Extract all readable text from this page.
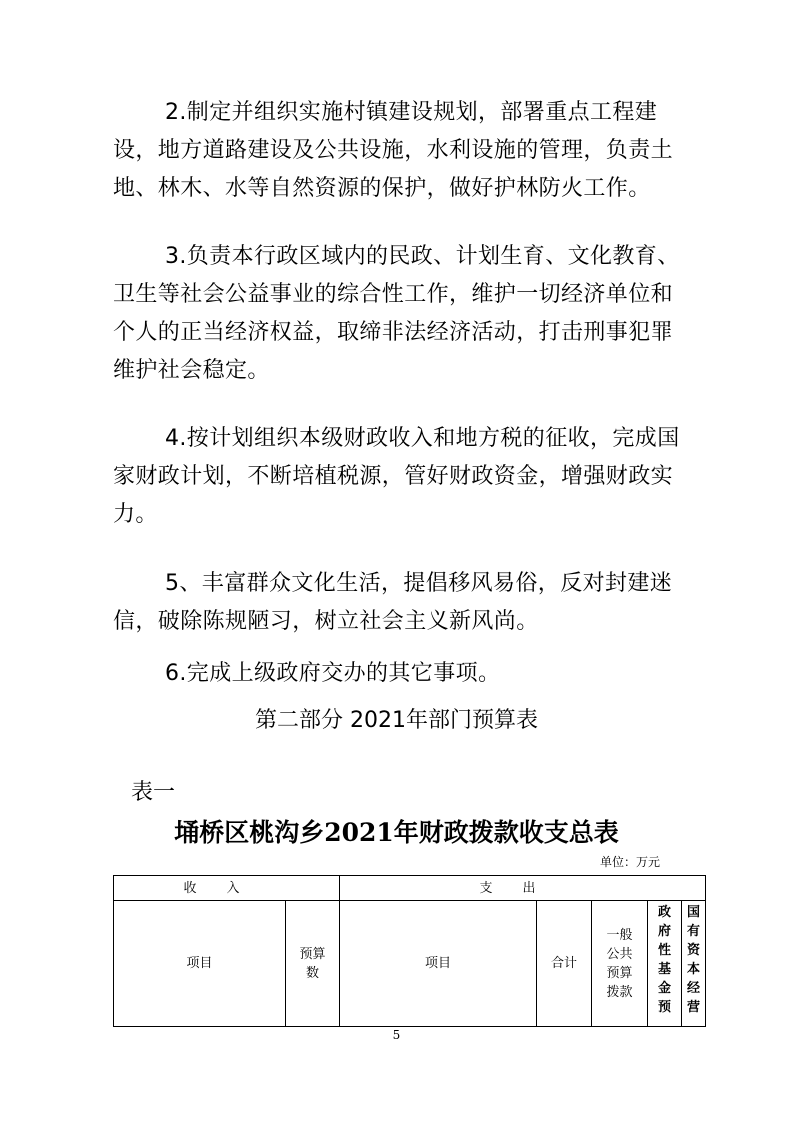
2.制定并组织实施村镇建设规划，部署重点工程建设，地方道路建设及公共设施，水利设施的管理，负责土地、林木、水等自然资源的保护，做好护林防火工作。

3.负责本行政区域内的民政、计划生育、文化教育、卫生等社会公益事业的综合性工作，维护一切经济单位和个人的正当经济权益，取缔非法经济活动，打击刑事犯罪维护社会稳定。

4.按计划组织本级财政收入和地方税的征收，完成国家财政计划，不断培植税源，管好财政资金，增强财政实力。

5、丰富群众文化生活，提倡移风易俗，反对封建迷信，破除陈规陋习，树立社会主义新风尚。

6.完成上级政府交办的其它事项。

第二部分 2021年部门预算表
表一
埇桥区桃沟乡2021年财政拨款收支总表
单位：万元
收入		支出				
项目	预算数	项目	合计	一般公共预算拨款	政府性基金预	国有资本经营
5
